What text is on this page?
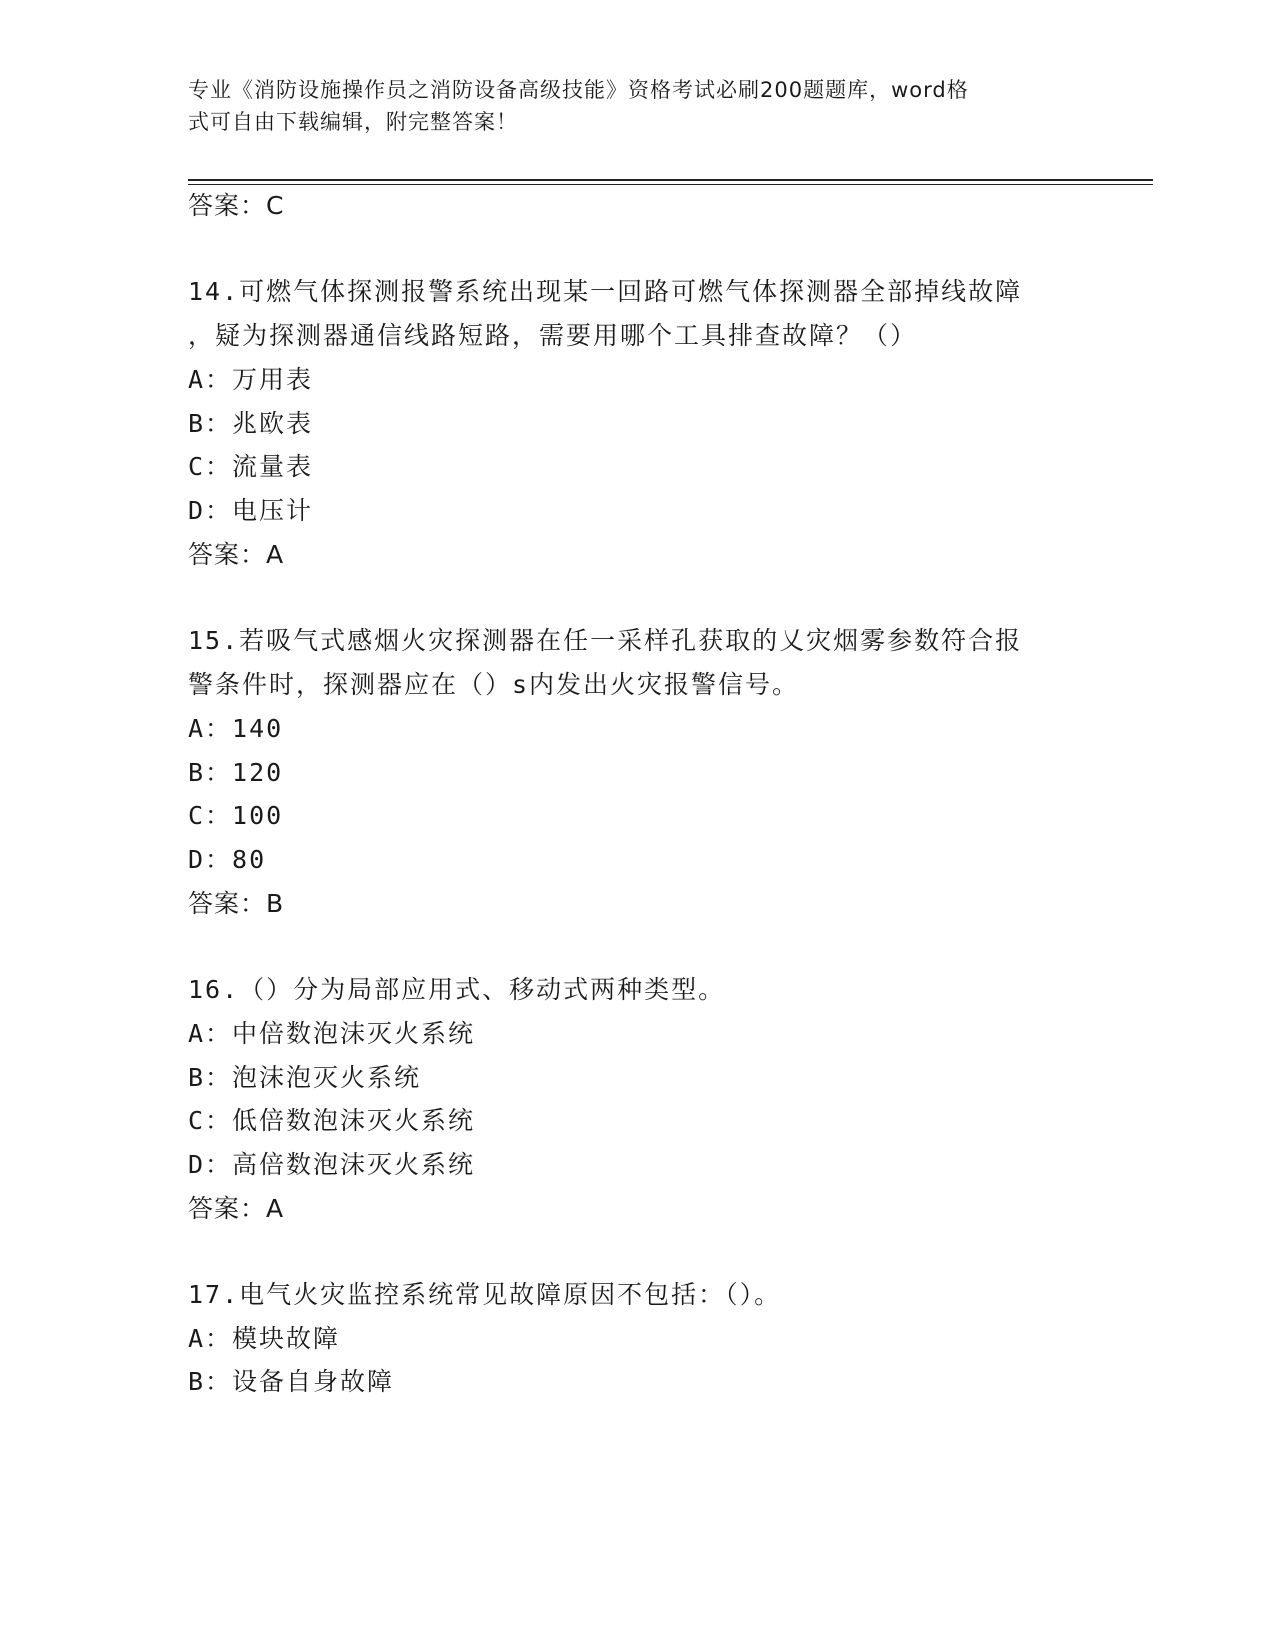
专业《消防设施操作员之消防设备高级技能》资格考试必刷200题题库，word格
式可自由下载编辑，附完整答案！
答案：C
14.可燃气体探测报警系统出现某一回路可燃气体探测器全部掉线故障
，疑为探测器通信线路短路，需要用哪个工具排查故障？（）
A：万用表
B：兆欧表
C：流量表
D：电压计
答案：A
15.若吸气式感烟火灾探测器在任一采样孔获取的乂灾烟雾参数符合报
警条件时，探测器应在（）s内发出火灾报警信号。
A：140
B：120
C：100
D：80
答案：B
16.（）分为局部应用式、移动式两种类型。
A：中倍数泡沫灭火系统
B：泡沫泡灭火系统
C：低倍数泡沫灭火系统
D：高倍数泡沫灭火系统
答案：A
17.电气火灾监控系统常见故障原因不包括：（）。
A：模块故障
B：设备自身故障
